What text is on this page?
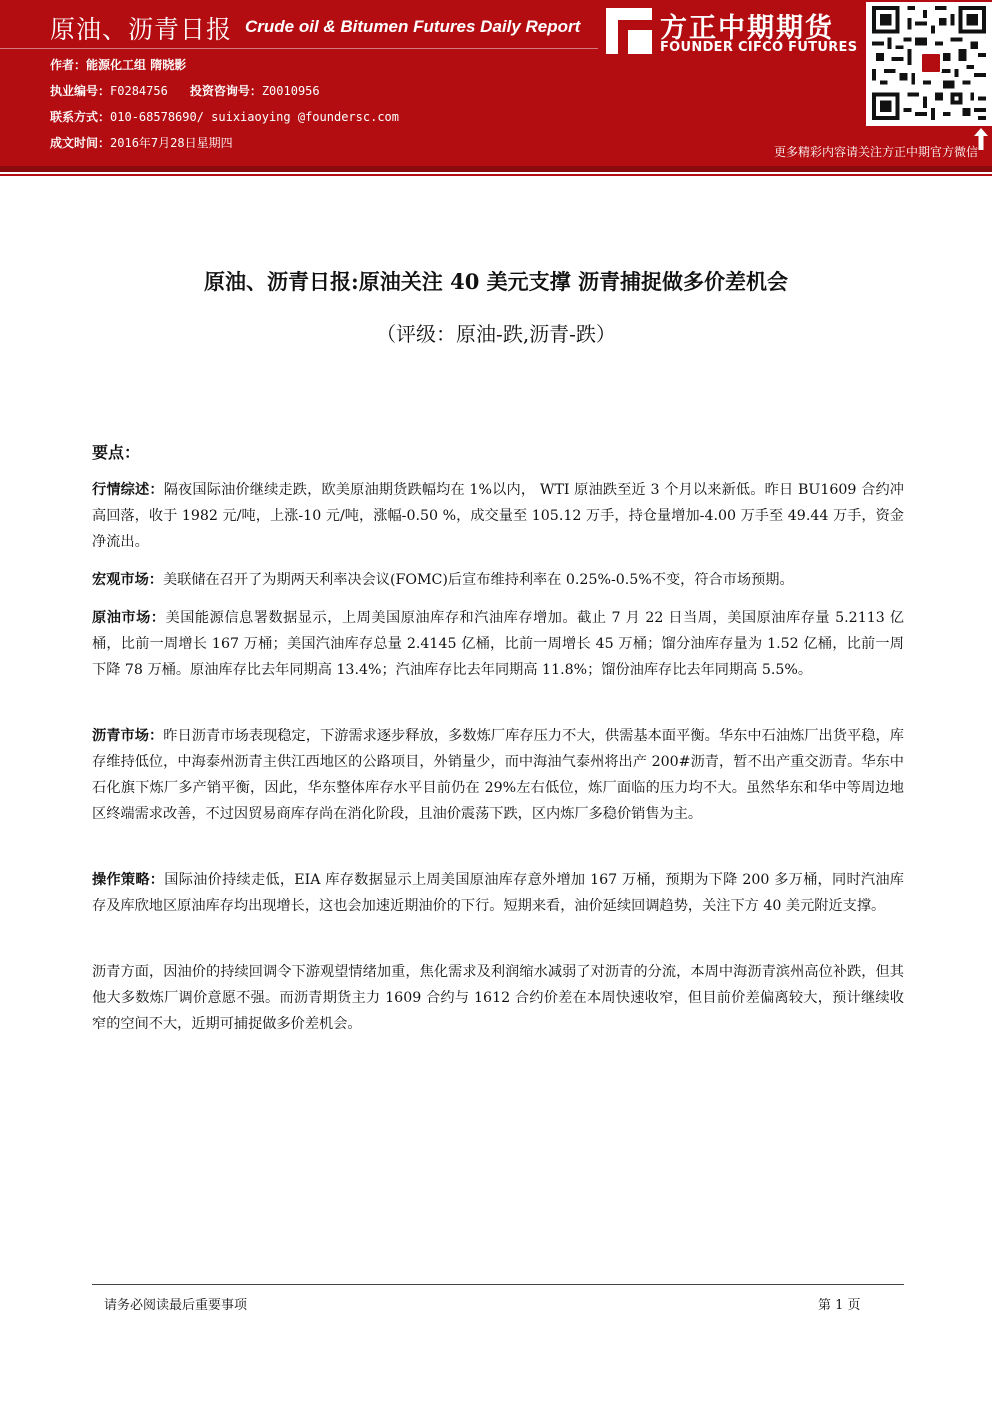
原油、沥青日报 Crude oil & Bitumen Futures Daily Report
作者：能源化工组 隋晓影
执业编号：F0284756 投资咨询号：Z0010956
联系方式：010-68578690/ suixiaoying @foundersc.com
成文时间：2016年7月28日星期四
方正中期期货
FOUNDER CIFCO FUTURES
更多精彩内容请关注方正中期官方微信
原油、沥青日报:原油关注 40 美元支撑 沥青捕捉做多价差机会
（评级：原油-跌,沥青-跌）
要点：
行情综述：隔夜国际油价继续走跌，欧美原油期货跌幅均在 1%以内， WTI 原油跌至近 3 个月以来新低。昨日 BU1609 合约冲高回落，收于 1982 元/吨，上涨-10 元/吨，涨幅-0.50 %，成交量至 105.12 万手，持仓量增加-4.00 万手至 49.44 万手，资金净流出。
宏观市场：美联储在召开了为期两天利率决会议(FOMC)后宣布维持利率在 0.25%-0.5%不变，符合市场预期。
原油市场：美国能源信息署数据显示，上周美国原油库存和汽油库存增加。截止 7 月 22 日当周，美国原油库存量 5.2113 亿桶，比前一周增长 167 万桶；美国汽油库存总量 2.4145 亿桶，比前一周增长 45 万桶；馏分油库存量为 1.52 亿桶，比前一周下降 78 万桶。原油库存比去年同期高 13.4%；汽油库存比去年同期高 11.8%；馏份油库存比去年同期高 5.5%。
沥青市场：昨日沥青市场表现稳定，下游需求逐步释放，多数炼厂库存压力不大，供需基本面平衡。华东中石油炼厂出货平稳，库存维持低位，中海泰州沥青主供江西地区的公路项目，外销量少，而中海油气泰州将出产 200#沥青，暂不出产重交沥青。华东中石化旗下炼厂多产销平衡，因此，华东整体库存水平目前仍在 29%左右低位，炼厂面临的压力均不大。虽然华东和华中等周边地区终端需求改善，不过因贸易商库存尚在消化阶段，且油价震荡下跌，区内炼厂多稳价销售为主。
操作策略：国际油价持续走低，EIA 库存数据显示上周美国原油库存意外增加 167 万桶，预期为下降 200 多万桶，同时汽油库存及库欣地区原油库存均出现增长，这也会加速近期油价的下行。短期来看，油价延续回调趋势，关注下方 40 美元附近支撑。
沥青方面，因油价的持续回调令下游观望情绪加重，焦化需求及利润缩水减弱了对沥青的分流，本周中海沥青滨州高位补跌，但其他大多数炼厂调价意愿不强。而沥青期货主力 1609 合约与 1612 合约价差在本周快速收窄，但目前价差偏离较大，预计继续收窄的空间不大，近期可捕捉做多价差机会。
请务必阅读最后重要事项	第 1 页
